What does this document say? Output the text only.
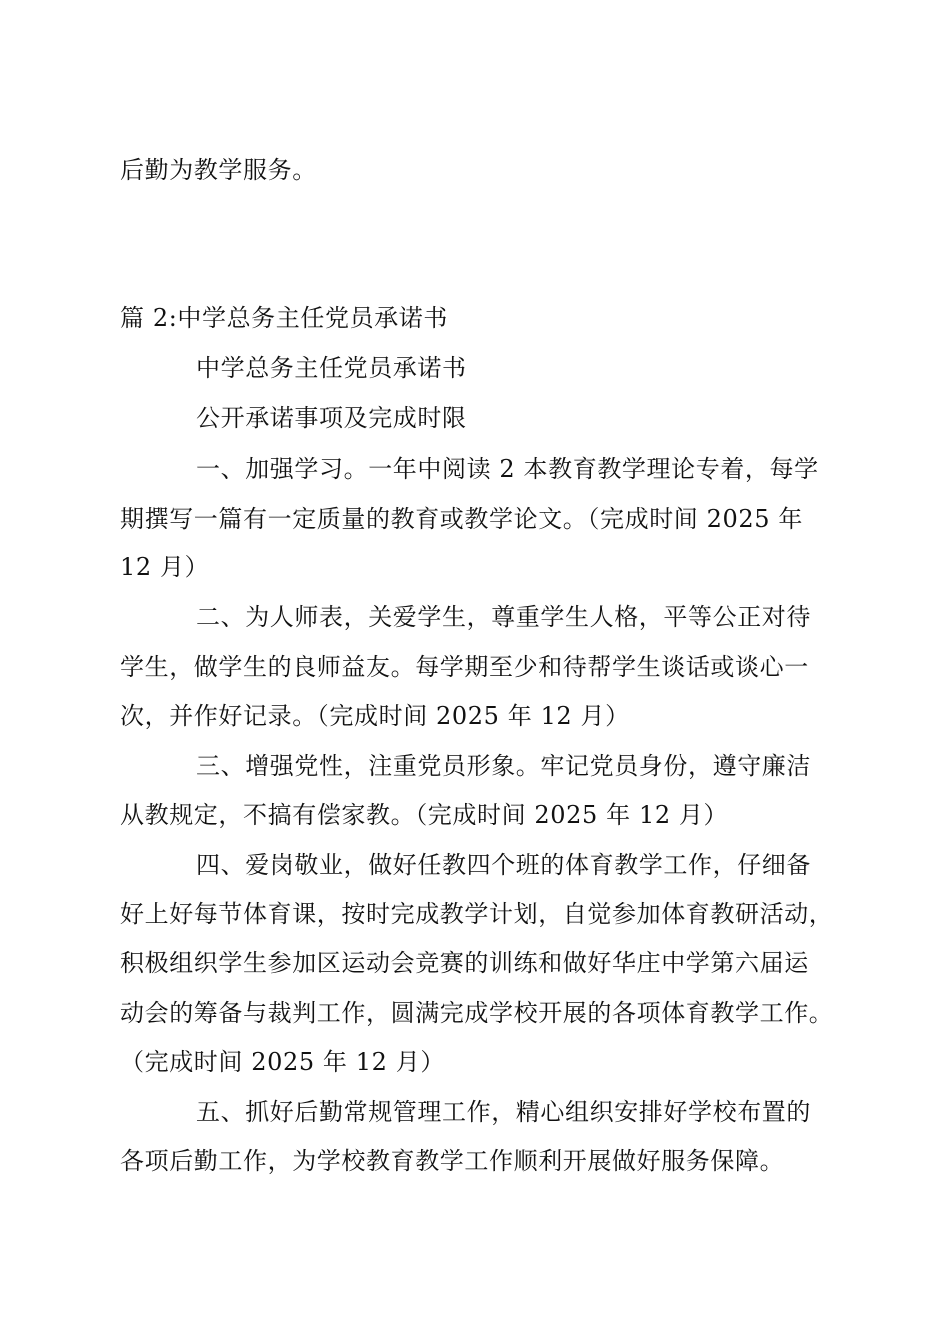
后勤为教学服务。
篇 2:中学总务主任党员承诺书
中学总务主任党员承诺书
公开承诺事项及完成时限
一、加强学习。一年中阅读 2 本教育教学理论专着，每学
期撰写一篇有一定质量的教育或教学论文。（完成时间 2025 年
12 月）
二、为人师表，关爱学生，尊重学生人格，平等公正对待
学生，做学生的良师益友。每学期至少和待帮学生谈话或谈心一
次，并作好记录。（完成时间 2025 年 12 月）
三、增强党性，注重党员形象。牢记党员身份，遵守廉洁
从教规定，不搞有偿家教。（完成时间 2025 年 12 月）
四、爱岗敬业，做好任教四个班的体育教学工作，仔细备
好上好每节体育课，按时完成教学计划，自觉参加体育教研活动，
积极组织学生参加区运动会竞赛的训练和做好华庄中学第六届运
动会的筹备与裁判工作，圆满完成学校开展的各项体育教学工作。
（完成时间 2025 年 12 月）
五、抓好后勤常规管理工作，精心组织安排好学校布置的
各项后勤工作，为学校教育教学工作顺利开展做好服务保障。
